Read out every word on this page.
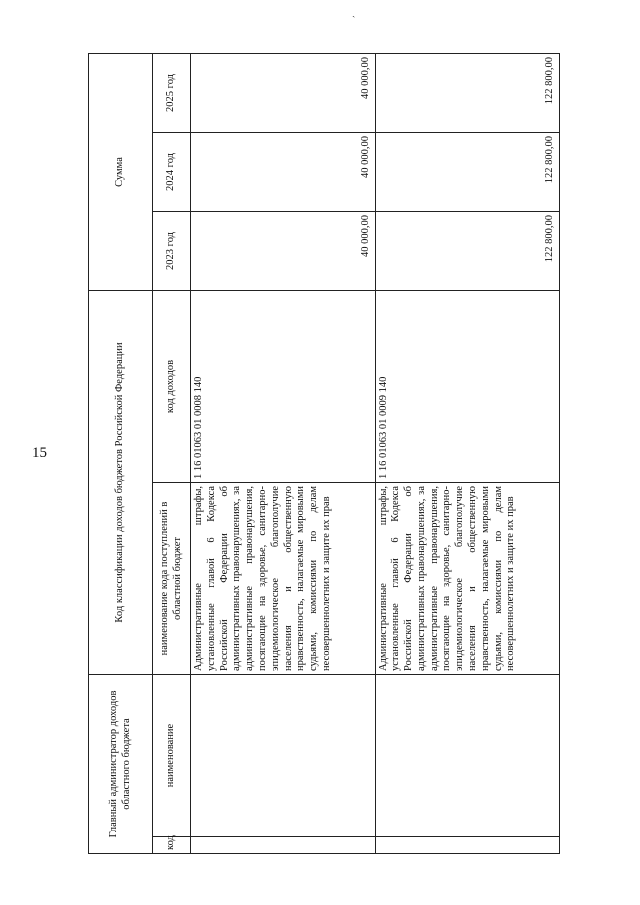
15
ˏ
Главный администратор доходов областного бюджета		Код классификации доходов бюджетов Российской Федерации		Сумма		
код	наименование	наименование кода поступлений в областной бюджет	код доходов	2023 год	2024 год	2025 год
		Административные штрафы, установленные главой 6 Кодекса Российской Федерации об административных правонарушениях, за административные правонарушения, посягающие на здоровье, санитарно-эпидемиологическое благополучие населения и общественную нравственность, налагаемые мировыми судьями, комиссиями по делам несовершеннолетних и защите их прав	1 16 01063 01 0008 140	40 000,00	40 000,00	40 000,00
		Административные штрафы, установленные главой 6 Кодекса Российской Федерации об административных правонарушениях, за административные правонарушения, посягающие на здоровье, санитарно-эпидемиологическое благополучие населения и общественную нравственность, налагаемые мировыми судьями, комиссиями по делам несовершеннолетних и защите их прав	1 16 01063 01 0009 140	122 800,00	122 800,00	122 800,00
